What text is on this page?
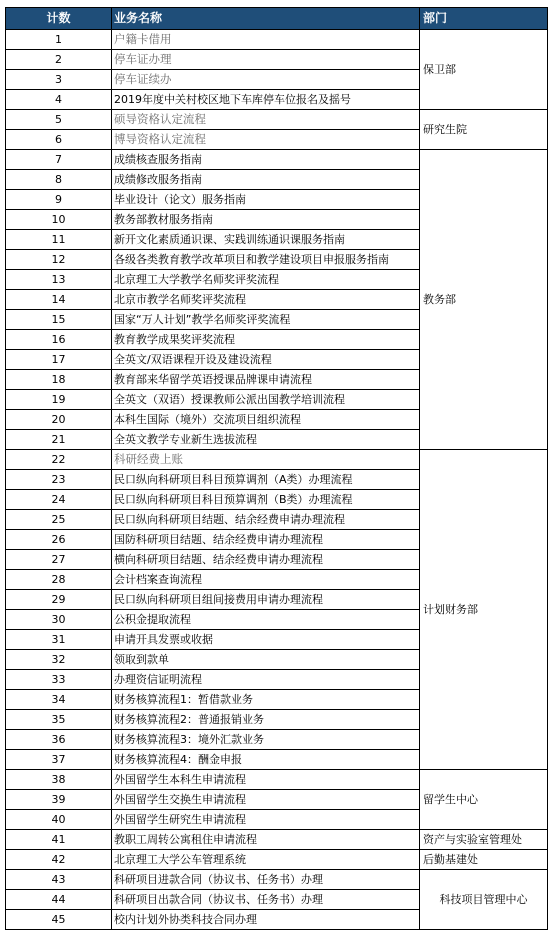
计数	业务名称	部门
1	户籍卡借用	保卫部
2	停车证办理	
3	停车证续办	
4	2019年度中关村校区地下车库停车位报名及摇号	
5	硕导资格认定流程	研究生院
6	博导资格认定流程	
7	成绩核查服务指南	教务部
8	成绩修改服务指南	
9	毕业设计（论文）服务指南	
10	教务部教材服务指南	
11	新开文化素质通识课、实践训练通识课服务指南	
12	各级各类教育教学改革项目和教学建设项目申报服务指南	
13	北京理工大学教学名师奖评奖流程	
14	北京市教学名师奖评奖流程	
15	国家“万人计划”教学名师奖评奖流程	
16	教育教学成果奖评奖流程	
17	全英文/双语课程开设及建设流程	
18	教育部来华留学英语授课品牌课申请流程	
19	全英文（双语）授课教师公派出国教学培训流程	
20	本科生国际（境外）交流项目组织流程	
21	全英文教学专业新生选拔流程	
22	科研经费上账	计划财务部
23	民口纵向科研项目科目预算调剂（A类）办理流程	
24	民口纵向科研项目科目预算调剂（B类）办理流程	
25	民口纵向科研项目结题、结余经费申请办理流程	
26	国防科研项目结题、结余经费申请办理流程	
27	横向科研项目结题、结余经费申请办理流程	
28	会计档案查询流程	
29	民口纵向科研项目组间接费用申请办理流程	
30	公积金提取流程	
31	申请开具发票或收据	
32	领取到款单	
33	办理资信证明流程	
34	财务核算流程1：暂借款业务	
35	财务核算流程2：普通报销业务	
36	财务核算流程3：境外汇款业务	
37	财务核算流程4：酬金申报	
38	外国留学生本科生申请流程	留学生中心
39	外国留学生交换生申请流程	
40	外国留学生研究生申请流程	
41	教职工周转公寓租住申请流程	资产与实验室管理处
42	北京理工大学公车管理系统	后勤基建处
43	科研项目进款合同（协议书、任务书）办理	科技项目管理中心
44	科研项目出款合同（协议书、任务书）办理	
45	校内计划外协类科技合同办理	
